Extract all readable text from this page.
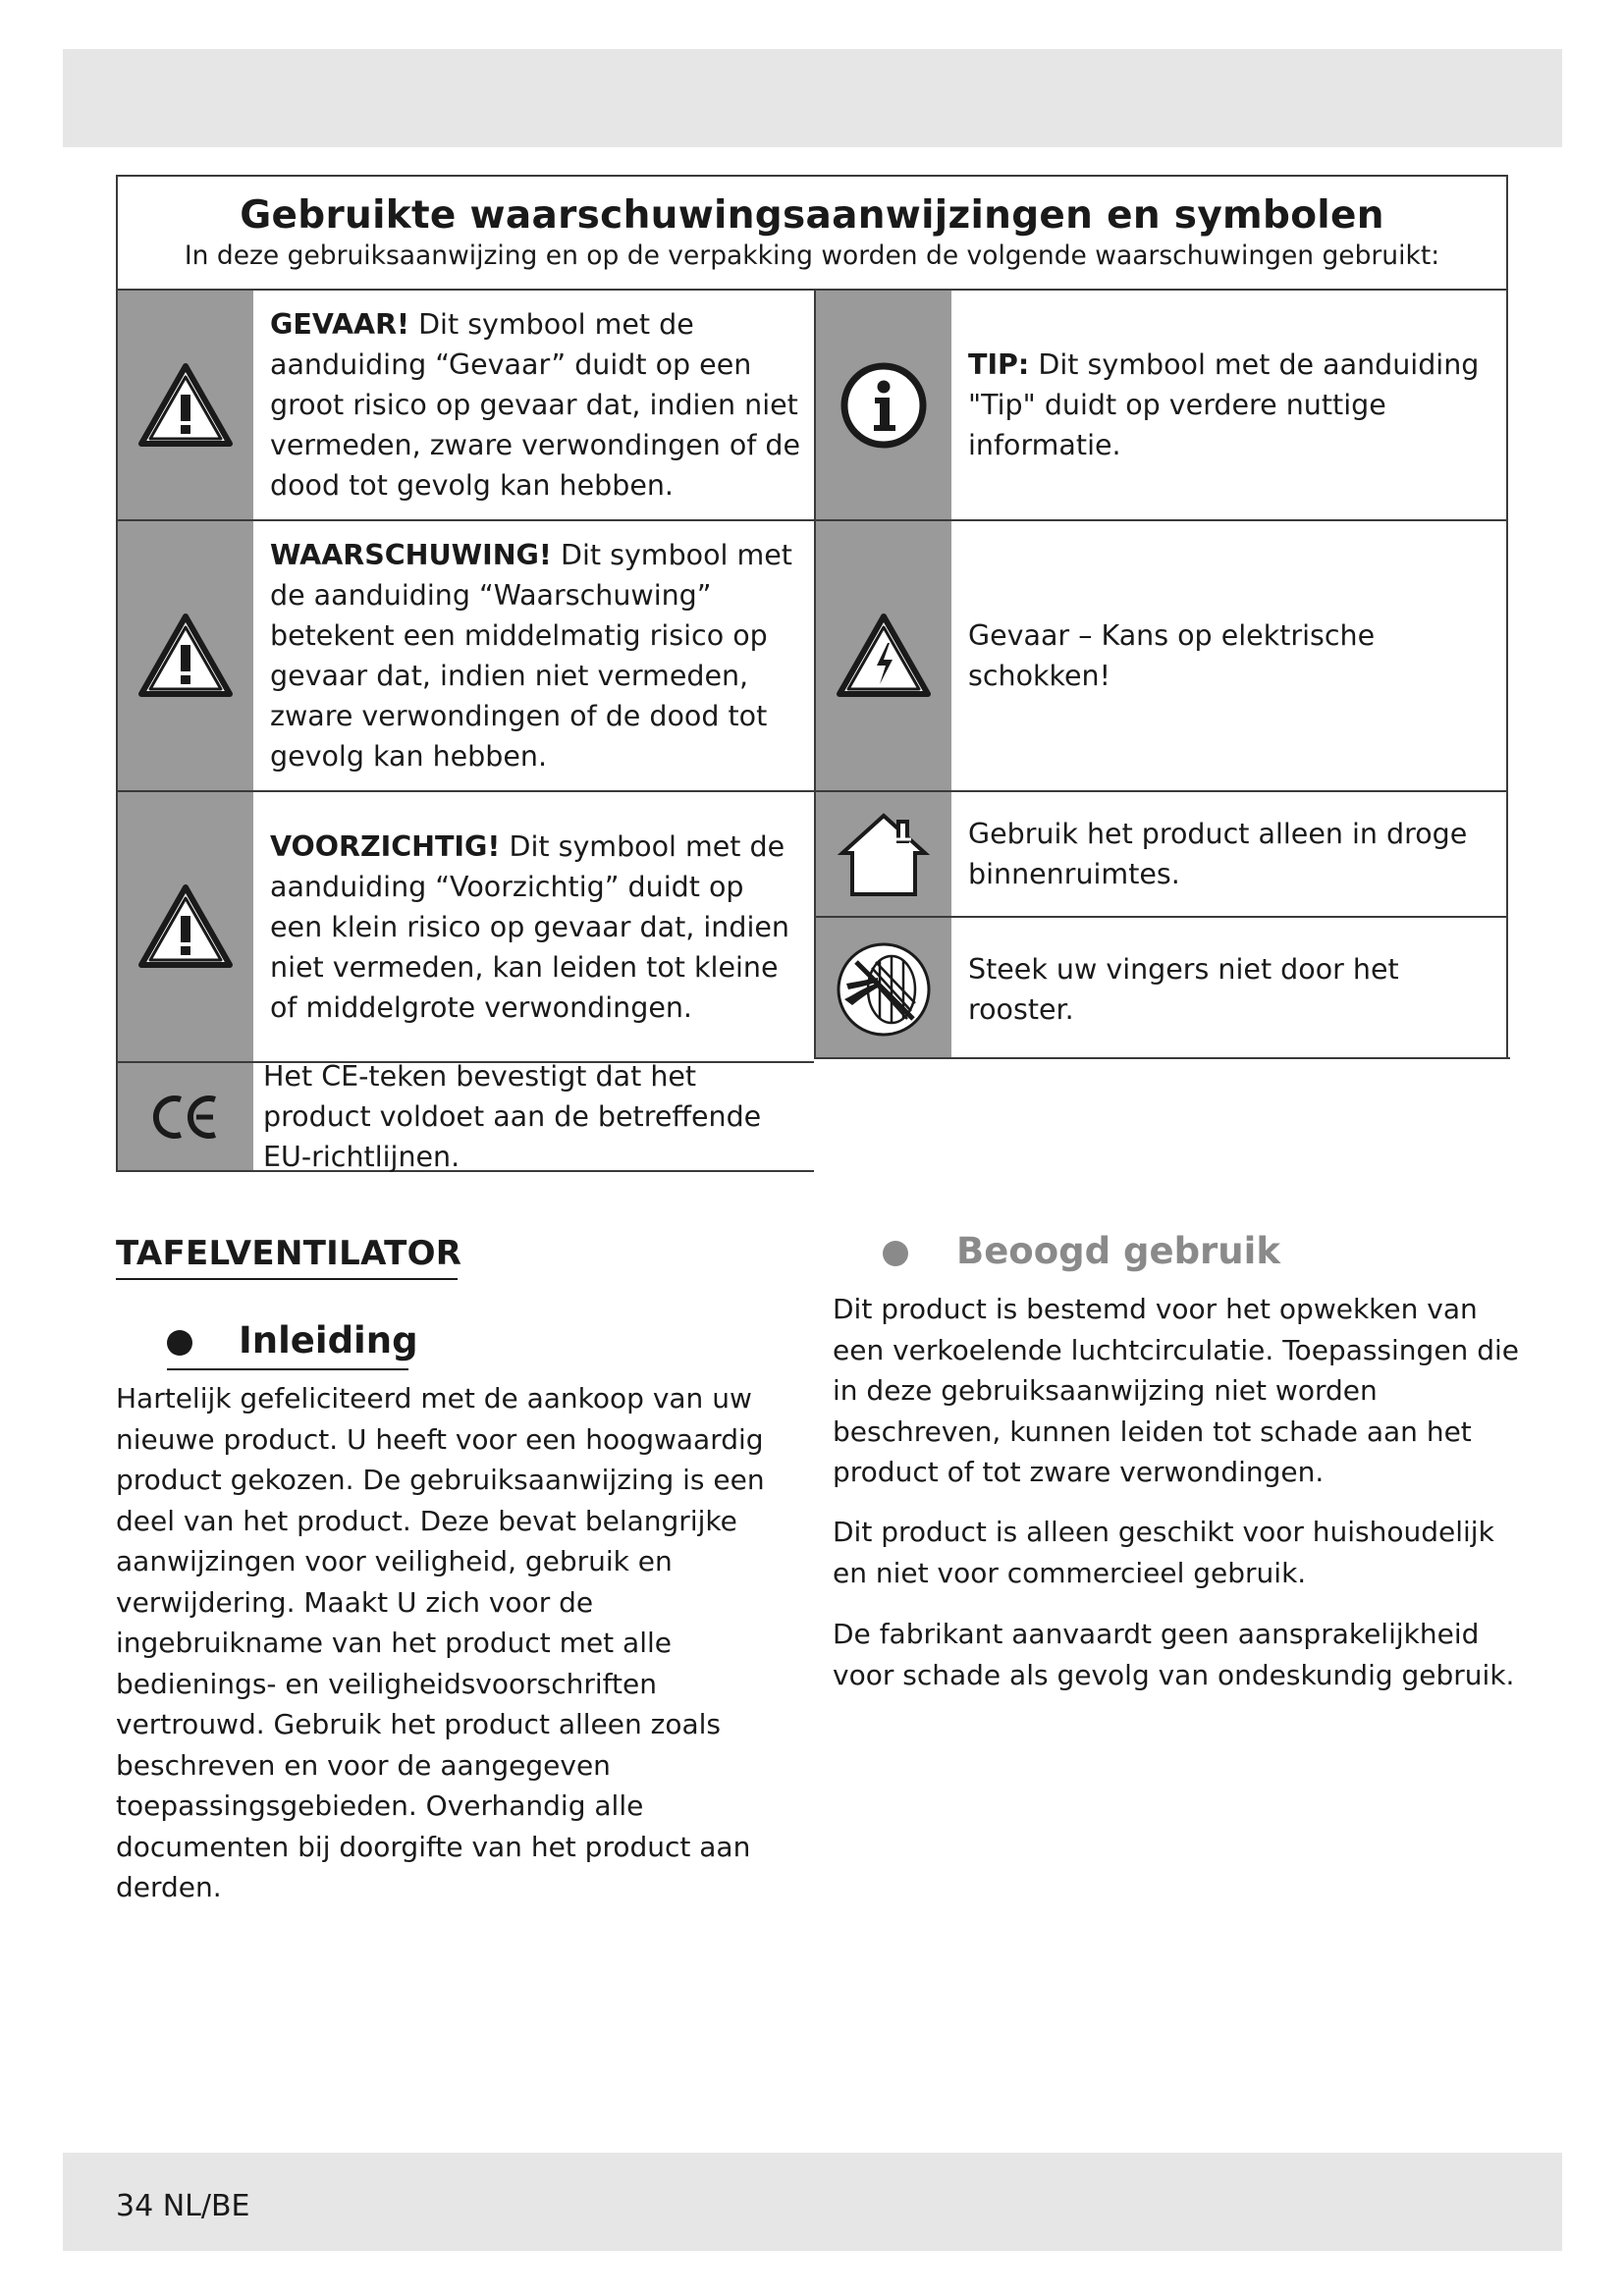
Gebruikte waarschuwingsaanwijzingen en symbolen

In deze gebruiksaanwijzing en op de verpakking worden de volgende waarschuwingen gebruikt:

GEVAAR! Dit symbool met de aanduiding “Gevaar” duidt op een groot risico op gevaar dat, indien niet vermeden, zware verwondingen of de dood tot gevolg kan hebben.
WAARSCHUWING! Dit symbool met de aanduiding “Waarschuwing” betekent een middelmatig risico op gevaar dat, indien niet vermeden, zware verwondingen of de dood tot gevolg kan hebben.
VOORZICHTIG! Dit symbool met de aanduiding “Voorzichtig” duidt op een klein risico op gevaar dat, indien niet vermeden, kan leiden tot kleine of middelgrote verwondingen.
Het CE-teken bevestigt dat het product voldoet aan de betreffende EU-richtlijnen.
TIP: Dit symbool met de aanduiding "Tip" duidt op verdere nuttige informatie.
Gevaar – Kans op elektrische schokken!
Gebruik het product alleen in droge binnenruimtes.
Steek uw vingers niet door het rooster.
TAFELVENTILATOR
Inleiding

Hartelijk gefeliciteerd met de aankoop van uw nieuwe product. U heeft voor een hoogwaardig product gekozen. De gebruiksaanwijzing is een deel van het product. Deze bevat belangrijke aanwijzingen voor veiligheid, gebruik en verwijdering. Maakt U zich voor de ingebruikname van het product met alle bedienings- en veiligheidsvoorschriften vertrouwd. Gebruik het product alleen zoals beschreven en voor de aangegeven toepassingsgebieden. Overhandig alle documenten bij doorgifte van het product aan derden.

Beoogd gebruik

Dit product is bestemd voor het opwekken van een verkoelende luchtcirculatie. Toepassingen die in deze gebruiksaanwijzing niet worden beschreven, kunnen leiden tot schade aan het product of tot zware verwondingen.

Dit product is alleen geschikt voor huishoudelijk en niet voor commercieel gebruik.

De fabrikant aanvaardt geen aansprakelijkheid voor schade als gevolg van ondeskundig gebruik.

34 NL/BE
